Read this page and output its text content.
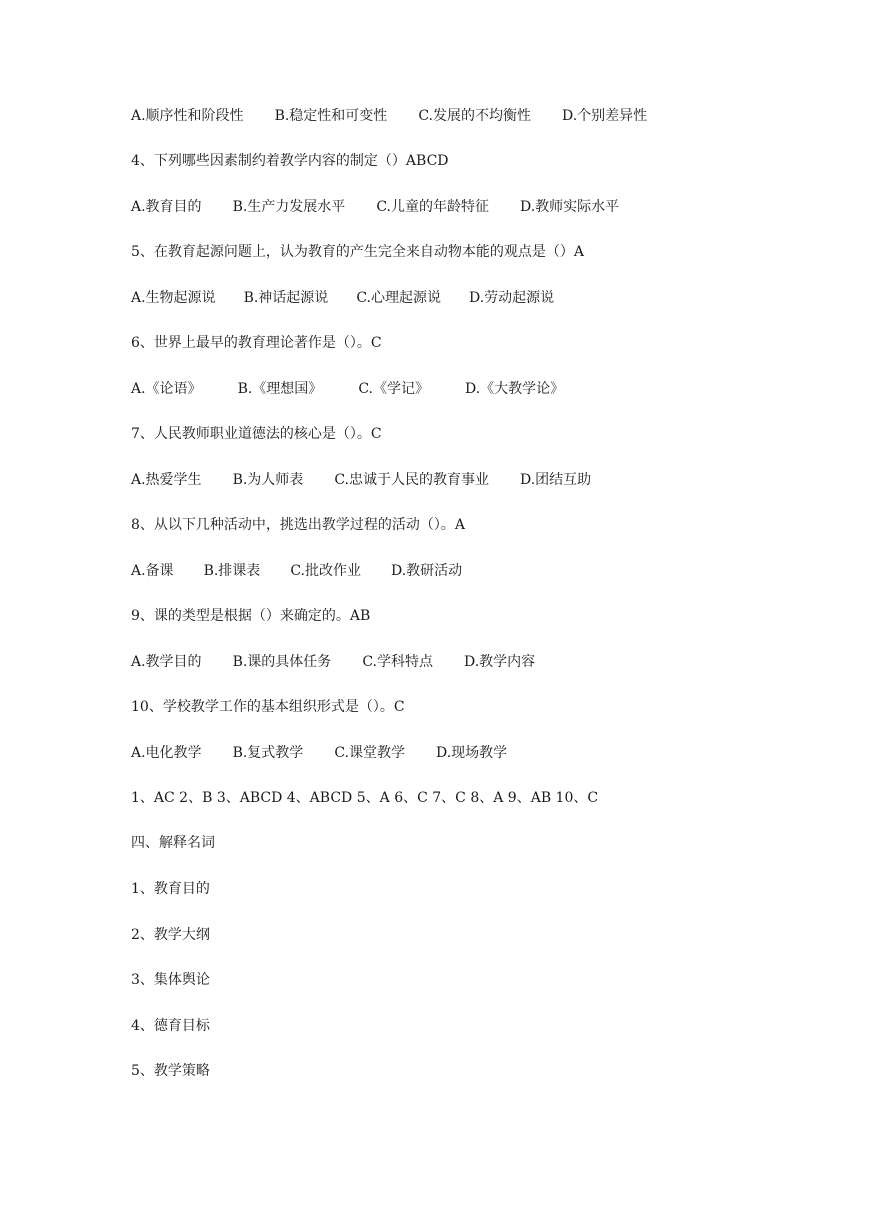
A.顺序性和阶段性 B.稳定性和可变性 C.发展的不均衡性 D.个别差异性
4、下列哪些因素制约着教学内容的制定（）ABCD
A.教育目的 B.生产力发展水平 C.儿童的年龄特征 D.教师实际水平
5、在教育起源问题上，认为教育的产生完全来自动物本能的观点是（）A
A.生物起源说 B.神话起源说 C.心理起源说 D.劳动起源说
6、世界上最早的教育理论著作是（）。C
A.《论语》	B.《理想国》	C.《学记》	D.《大教学论》
7、人民教师职业道德法的核心是（）。C
A.热爱学生 B.为人师表 C.忠诚于人民的教育事业 D.团结互助
8、从以下几种活动中，挑选出教学过程的活动（）。A
A.备课 B.排课表 C.批改作业 D.教研活动
9、课的类型是根据（）来确定的。AB
A.教学目的 B.课的具体任务 C.学科特点 D.教学内容
10、学校教学工作的基本组织形式是（）。C
A.电化教学 B.复式教学 C.课堂教学 D.现场教学
1、AC 2、B 3、ABCD 4、ABCD 5、A 6、C 7、C 8、A 9、AB 10、C
四、解释名词
1、教育目的
2、教学大纲
3、集体舆论
4、德育目标
5、教学策略
